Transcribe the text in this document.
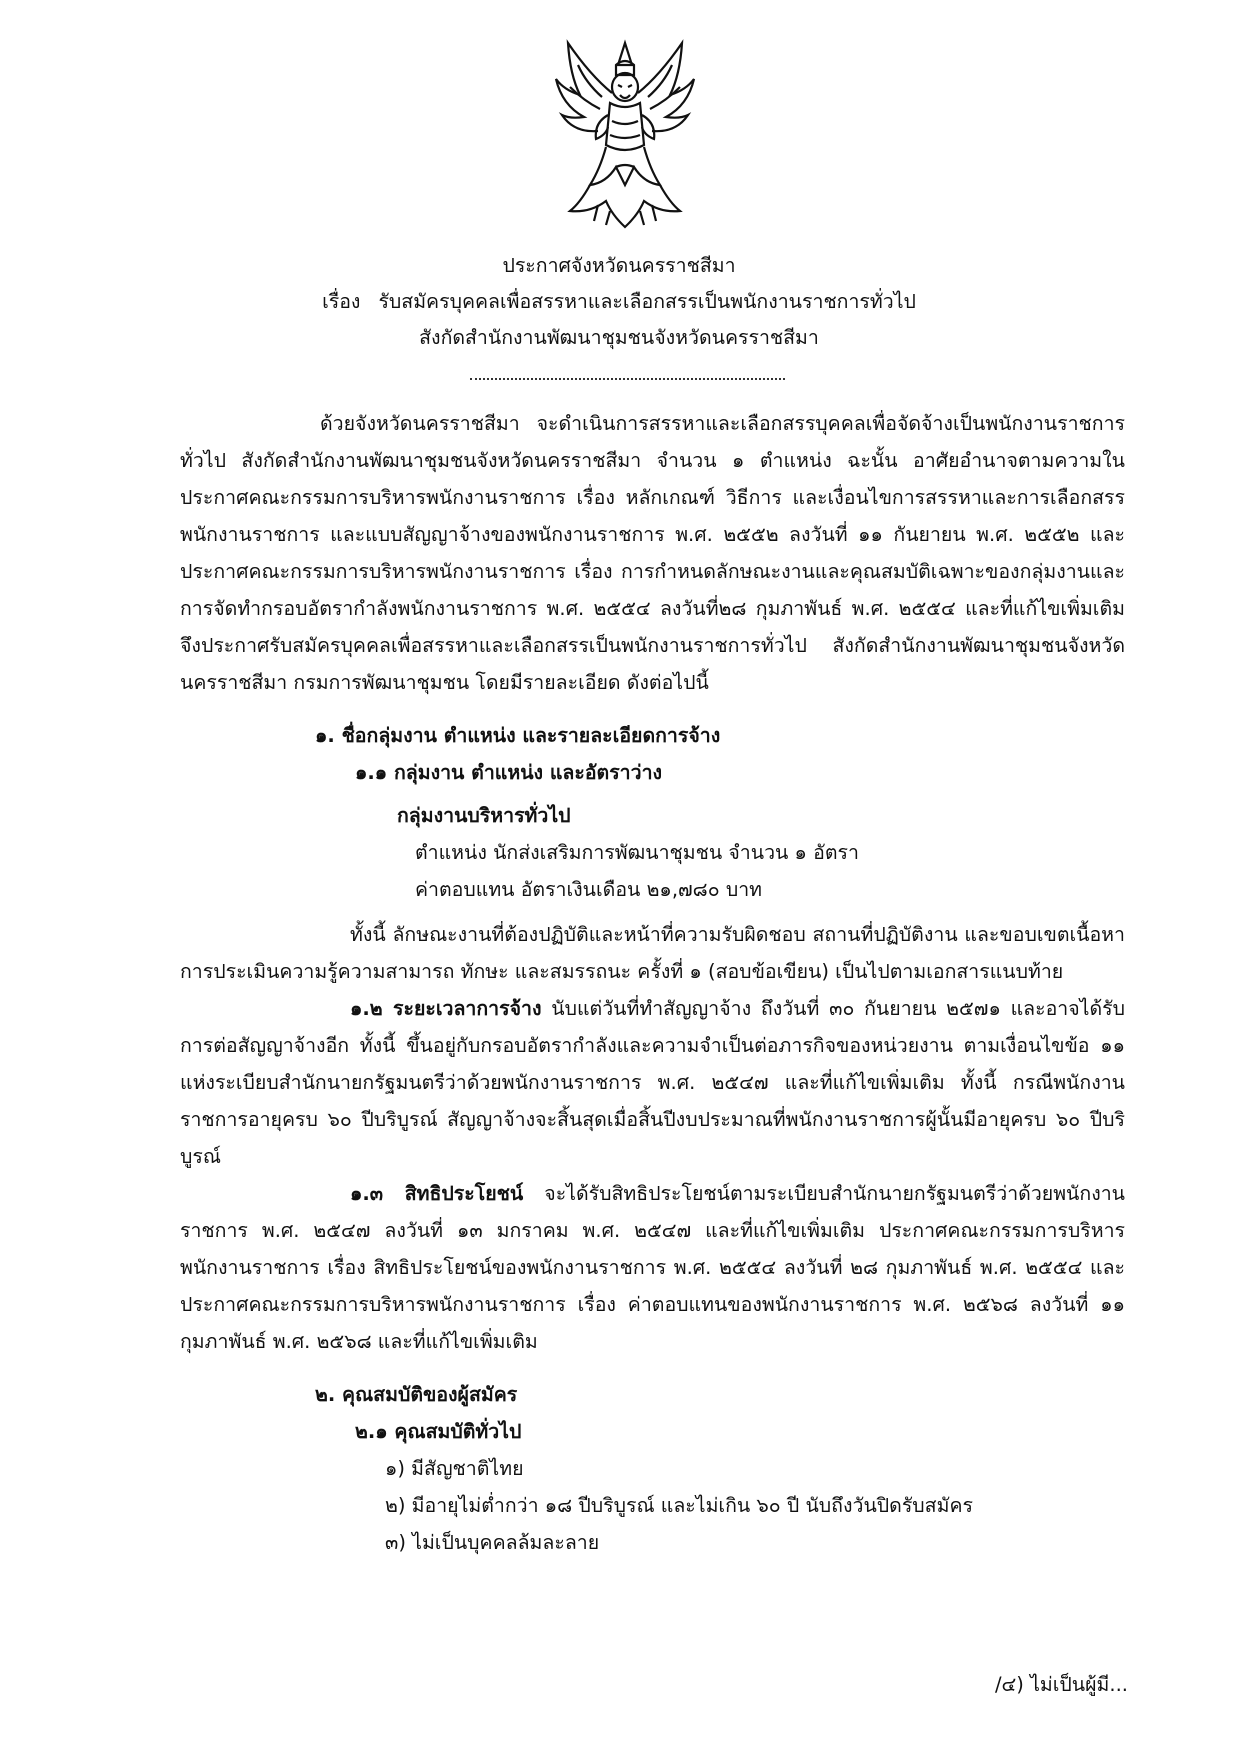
ประกาศจังหวัดนครราชสีมา
เรื่อง รับสมัครบุคคลเพื่อสรรหาและเลือกสรรเป็นพนักงานราชการทั่วไป
สังกัดสำนักงานพัฒนาชุมชนจังหวัดนครราชสีมา

ด้วยจังหวัดนครราชสีมา จะดำเนินการสรรหาและเลือกสรรบุคคลเพื่อจัดจ้างเป็นพนักงานราชการทั่วไป สังกัดสำนักงานพัฒนาชุมชนจังหวัดนครราชสีมา จำนวน ๑ ตำแหน่ง ฉะนั้น อาศัยอำนาจตามความในประกาศคณะกรรมการบริหารพนักงานราชการ เรื่อง หลักเกณฑ์ วิธีการ และเงื่อนไขการสรรหาและการเลือกสรรพนักงานราชการ และแบบสัญญาจ้างของพนักงานราชการ พ.ศ. ๒๕๕๒ ลงวันที่ ๑๑ กันยายน พ.ศ. ๒๕๕๒ และประกาศคณะกรรมการบริหารพนักงานราชการ เรื่อง การกำหนดลักษณะงานและคุณสมบัติเฉพาะของกลุ่มงานและการจัดทำกรอบอัตรากำลังพนักงานราชการ พ.ศ. ๒๕๕๔ ลงวันที่๒๘ กุมภาพันธ์ พ.ศ. ๒๕๕๔ และที่แก้ไขเพิ่มเติม จึงประกาศรับสมัครบุคคลเพื่อสรรหาและเลือกสรรเป็นพนักงานราชการทั่วไป สังกัดสำนักงานพัฒนาชุมชนจังหวัดนครราชสีมา กรมการพัฒนาชุมชน โดยมีรายละเอียด ดังต่อไปนี้

๑. ชื่อกลุ่มงาน ตำแหน่ง และรายละเอียดการจ้าง
๑.๑ กลุ่มงาน ตำแหน่ง และอัตราว่าง
กลุ่มงานบริหารทั่วไป
ตำแหน่ง นักส่งเสริมการพัฒนาชุมชน จำนวน ๑ อัตรา
ค่าตอบแทน อัตราเงินเดือน ๒๑,๗๘๐ บาท

ทั้งนี้ ลักษณะงานที่ต้องปฏิบัติและหน้าที่ความรับผิดชอบ สถานที่ปฏิบัติงาน และขอบเขตเนื้อหาการประเมินความรู้ความสามารถ ทักษะ และสมรรถนะ ครั้งที่ ๑ (สอบข้อเขียน) เป็นไปตามเอกสารแนบท้าย

๑.๒ ระยะเวลาการจ้าง นับแต่วันที่ทำสัญญาจ้าง ถึงวันที่ ๓๐ กันยายน ๒๕๗๑ และอาจได้รับการต่อสัญญาจ้างอีก ทั้งนี้ ขึ้นอยู่กับกรอบอัตรากำลังและความจำเป็นต่อภารกิจของหน่วยงาน ตามเงื่อนไขข้อ ๑๑ แห่งระเบียบสำนักนายกรัฐมนตรีว่าด้วยพนักงานราชการ พ.ศ. ๒๕๔๗ และที่แก้ไขเพิ่มเติม ทั้งนี้ กรณีพนักงานราชการอายุครบ ๖๐ ปีบริบูรณ์ สัญญาจ้างจะสิ้นสุดเมื่อสิ้นปีงบประมาณที่พนักงานราชการผู้นั้นมีอายุครบ ๖๐ ปีบริบูรณ์

๑.๓ สิทธิประโยชน์ จะได้รับสิทธิประโยชน์ตามระเบียบสำนักนายกรัฐมนตรีว่าด้วยพนักงานราชการ พ.ศ. ๒๕๔๗ ลงวันที่ ๑๓ มกราคม พ.ศ. ๒๕๔๗ และที่แก้ไขเพิ่มเติม ประกาศคณะกรรมการบริหารพนักงานราชการ เรื่อง สิทธิประโยชน์ของพนักงานราชการ พ.ศ. ๒๕๕๔ ลงวันที่ ๒๘ กุมภาพันธ์ พ.ศ. ๒๕๕๔ และประกาศคณะกรรมการบริหารพนักงานราชการ เรื่อง ค่าตอบแทนของพนักงานราชการ พ.ศ. ๒๕๖๘ ลงวันที่ ๑๑ กุมภาพันธ์ พ.ศ. ๒๕๖๘ และที่แก้ไขเพิ่มเติม

๒. คุณสมบัติของผู้สมัคร
๒.๑ คุณสมบัติทั่วไป
๑) มีสัญชาติไทย
๒) มีอายุไม่ต่ำกว่า ๑๘ ปีบริบูรณ์ และไม่เกิน ๖๐ ปี นับถึงวันปิดรับสมัคร
๓) ไม่เป็นบุคคลล้มละลาย
/๔) ไม่เป็นผู้มี...
